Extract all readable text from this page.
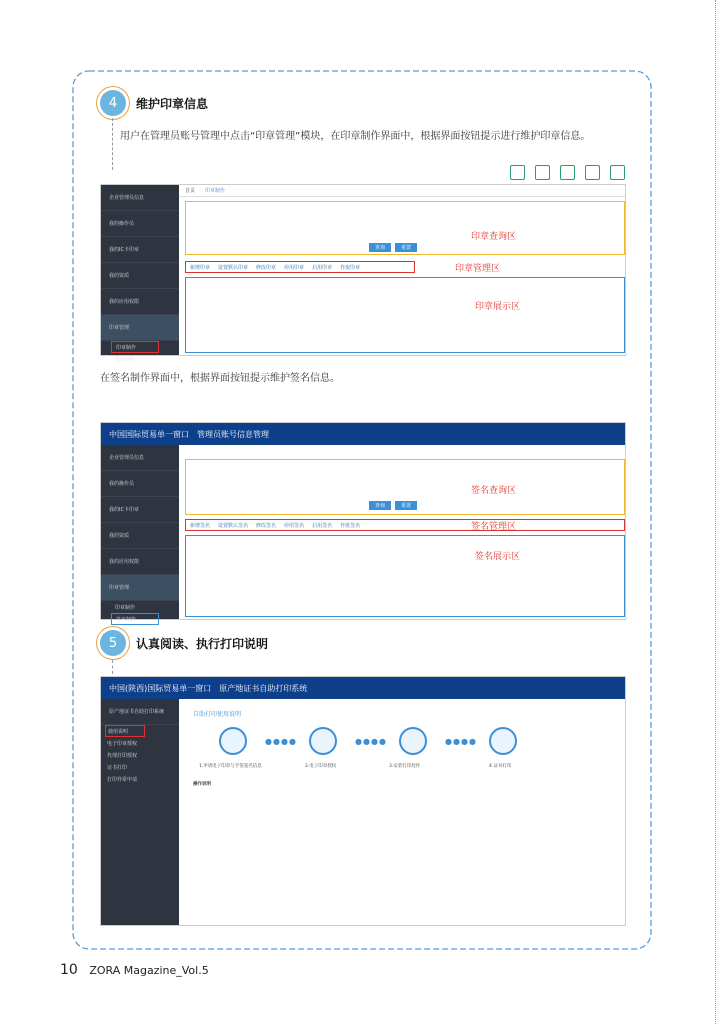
4	维护印章信息
用户在管理员账号管理中点击“印章管理”模块，在印章制作界面中，根据界面按钮提示进行维护印章信息。
企业管理员信息
我的操作员
我的IC卡印章
我的资质
我的应用权限
印章管理
印章制作
签名制作
首页 印章制作
印章查询区
查询	重置
新增印章 设置默认印章 修改印章 停用印章 启用印章 作废印章	印章管理区
印章展示区
在签名制作界面中，根据界面按钮提示维护签名信息。
中国国际贸易单一窗口 管理员账号信息管理
企业管理员信息
我的操作员
我的IC卡印章
我的资质
我的应用权限
印章管理
印章制作
签名制作
签名查询区
查询	重置
新增签名 设置默认签名 修改签名 停用签名 启用签名 作废签名	签名管理区
签名展示区
5	认真阅读、执行打印说明
中国(陕西)国际贸易单一窗口 原产地证书自助打印系统
原产地证书自助打印系统
使用说明
电子印章授权
代理打印授权
证书打印
打印异常申请
自助打印使用说明
●●●●	●●●●	●●●●
1.申请电子印章与手签签名信息	2.电子印章授权	3.安装打印控件	4.证书打印
操作说明
10 ZORA Magazine_Vol.5
